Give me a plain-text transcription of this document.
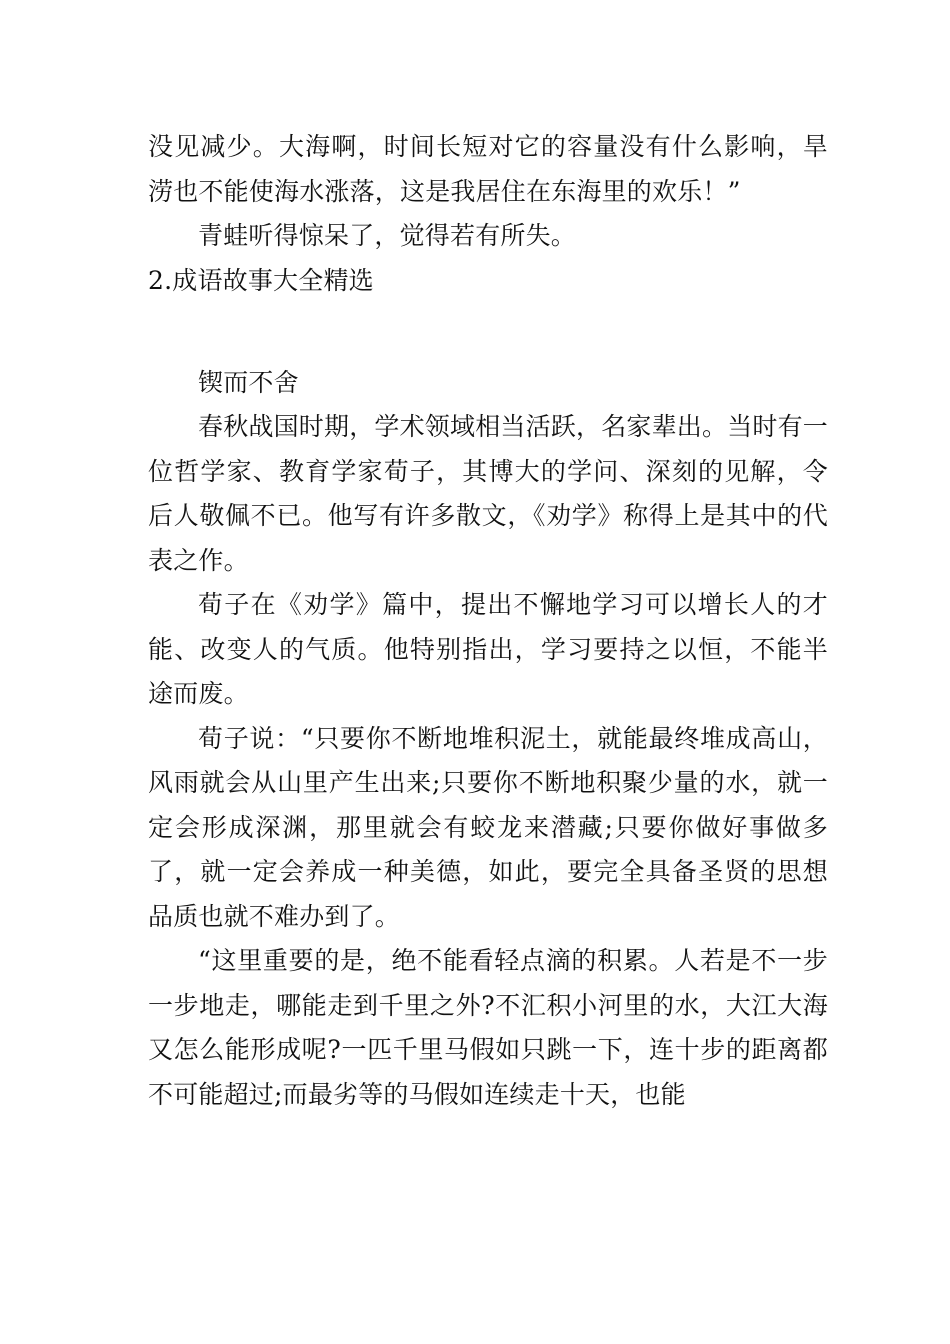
没见减少。大海啊，时间长短对它的容量没有什么影响，旱涝也不能使海水涨落，这是我居住在东海里的欢乐！”

青蛙听得惊呆了，觉得若有所失。

2.成语故事大全精选

锲而不舍

春秋战国时期，学术领域相当活跃，名家辈出。当时有一位哲学家、教育学家荀子，其博大的学问、深刻的见解，令后人敬佩不已。他写有许多散文，《劝学》称得上是其中的代表之作。

荀子在《劝学》篇中，提出不懈地学习可以增长人的才能、改变人的气质。他特别指出，学习要持之以恒，不能半途而废。

荀子说：“只要你不断地堆积泥土，就能最终堆成高山，风雨就会从山里产生出来;只要你不断地积聚少量的水，就一定会形成深渊，那里就会有蛟龙来潜藏;只要你做好事做多了，就一定会养成一种美德，如此，要完全具备圣贤的思想品质也就不难办到了。

“这里重要的是，绝不能看轻点滴的积累。人若是不一步一步地走，哪能走到千里之外?不汇积小河里的水，大江大海又怎么能形成呢?一匹千里马假如只跳一下，连十步的距离都不可能超过;而最劣等的马假如连续走十天，也能
